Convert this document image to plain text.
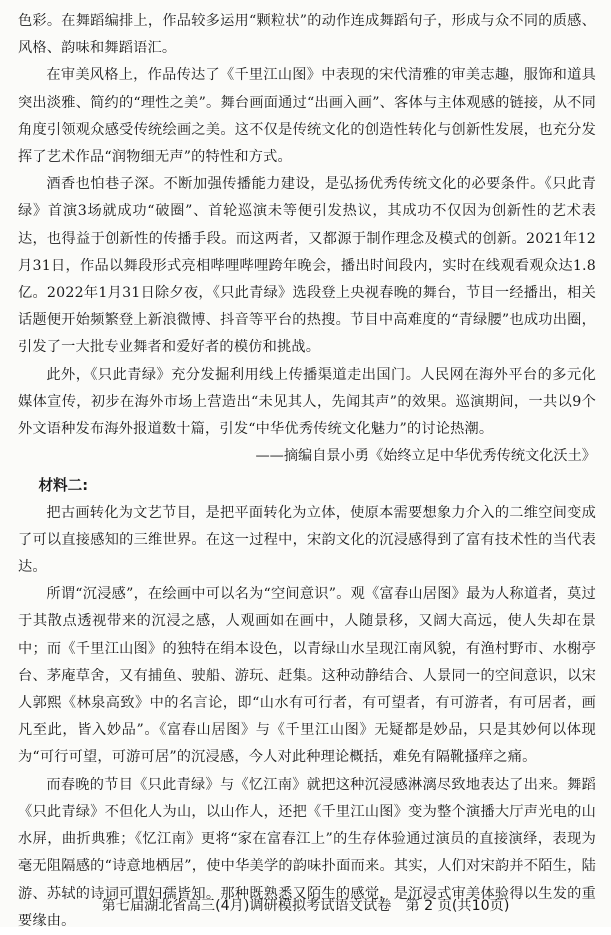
色彩。在舞蹈编排上，作品较多运用“颗粒状”的动作连成舞蹈句子，形成与众不同的质感、风格、韵味和舞蹈语汇。

在审美风格上，作品传达了《千里江山图》中表现的宋代清雅的审美志趣，服饰和道具突出淡雅、简约的“理性之美”。舞台画面通过“出画入画”、客体与主体观感的链接，从不同角度引领观众感受传统绘画之美。这不仅是传统文化的创造性转化与创新性发展，也充分发挥了艺术作品“润物细无声”的特性和方式。

酒香也怕巷子深。不断加强传播能力建设，是弘扬优秀传统文化的必要条件。《只此青绿》首演3场就成功“破圈”、首轮巡演未等便引发热议，其成功不仅因为创新性的艺术表达，也得益于创新性的传播手段。而这两者，又都源于制作理念及模式的创新。2021年12月31日，作品以舞段形式亮相哔哩哔哩跨年晚会，播出时间段内，实时在线观看观众达1.8亿。2022年1月31日除夕夜，《只此青绿》选段登上央视春晚的舞台，节目一经播出，相关话题便开始频繁登上新浪微博、抖音等平台的热搜。节目中高难度的“青绿腰”也成功出圈，引发了一大批专业舞者和爱好者的模仿和挑战。

此外，《只此青绿》充分发掘利用线上传播渠道走出国门。人民网在海外平台的多元化媒体宣传，初步在海外市场上营造出“未见其人，先闻其声”的效果。巡演期间，一共以9个外文语种发布海外报道数十篇，引发“中华优秀传统文化魅力”的讨论热潮。

——摘编自景小勇《始终立足中华优秀传统文化沃土》

材料二:

把古画转化为文艺节目，是把平面转化为立体，使原本需要想象力介入的二维空间变成了可以直接感知的三维世界。在这一过程中，宋韵文化的沉浸感得到了富有技术性的当代表达。

所谓“沉浸感”，在绘画中可以名为“空间意识”。观《富春山居图》最为人称道者，莫过于其散点透视带来的沉浸之感，人观画如在画中，人随景移，又阔大高远，使人失却在景中；而《千里江山图》的独特在绢本设色，以青绿山水呈现江南风貌，有渔村野市、水榭亭台、茅庵草舍，又有捕鱼、驶船、游玩、赶集。这种动静结合、人景同一的空间意识，以宋人郭熙《林泉高致》中的名言论，即“山水有可行者，有可望者，有可游者，有可居者，画凡至此，皆入妙品”。《富春山居图》与《千里江山图》无疑都是妙品，只是其妙何以体现为“可行可望，可游可居”的沉浸感，今人对此种理论概括，难免有隔靴搔痒之痛。

而春晚的节目《只此青绿》与《忆江南》就把这种沉浸感淋漓尽致地表达了出来。舞蹈《只此青绿》不但化人为山，以山作人，还把《千里江山图》变为整个演播大厅声光电的山水屏，曲折典雅；《忆江南》更将“家在富春江上”的生存体验通过演员的直接演绎，表现为毫无阻隔感的“诗意地栖居”，使中华美学的韵味扑面而来。其实，人们对宋韵并不陌生，陆游、苏轼的诗词可谓妇孺皆知。那种既熟悉又陌生的感觉，是沉浸式审美体验得以生发的重要缘由。

第七届湖北省高三(4月)调研模拟考试语文试卷　第 2 页(共10页)
